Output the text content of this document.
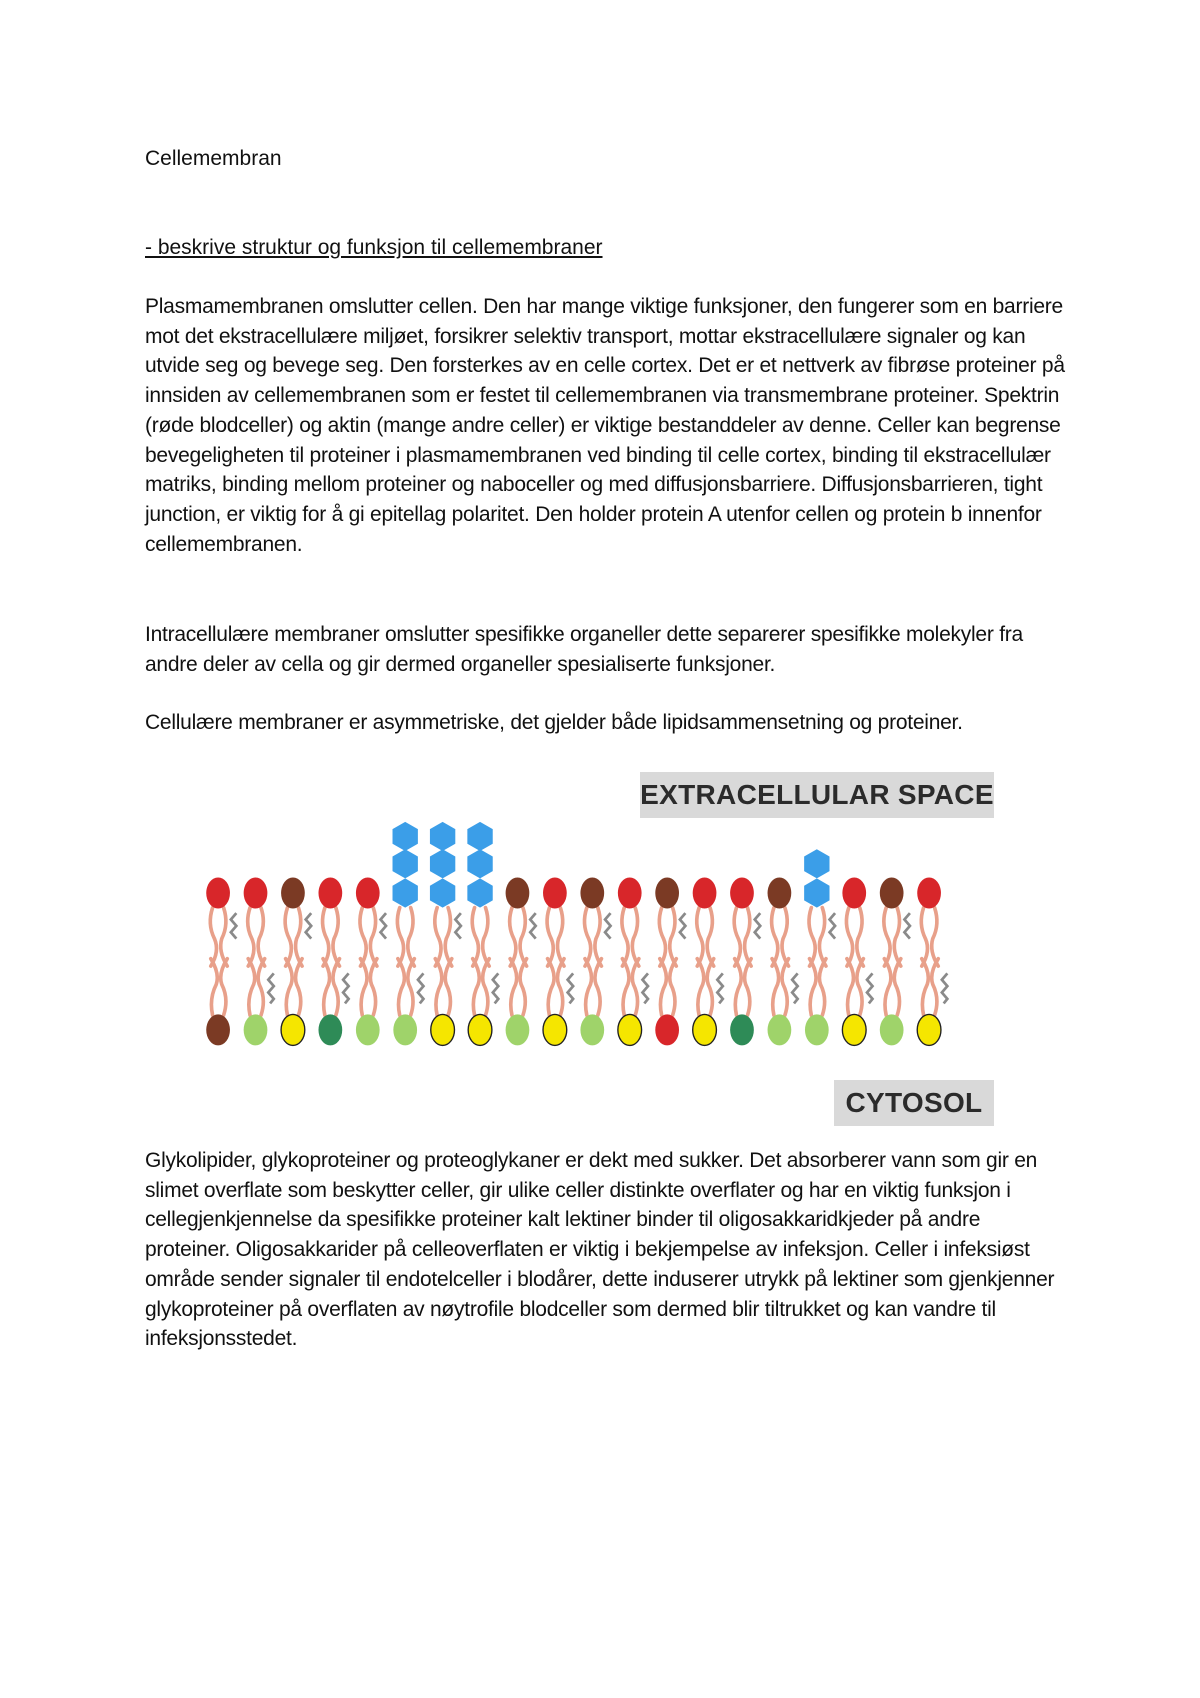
Cellemembran
- beskrive struktur og funksjon til cellemembraner

Plasmamembranen omslutter cellen. Den har mange viktige funksjoner, den fungerer som en barriere mot det ekstracellulære miljøet, forsikrer selektiv transport, mottar ekstracellulære signaler og kan utvide seg og bevege seg. Den forsterkes av en celle cortex. Det er et nettverk av fibrøse proteiner på innsiden av cellemembranen som er festet til cellemembranen via transmembrane proteiner. Spektrin (røde blodceller) og aktin (mange andre celler) er viktige bestanddeler av denne. Celler kan begrense bevegeligheten til proteiner i plasmamembranen ved binding til celle cortex, binding til ekstracellulær matriks, binding mellom proteiner og naboceller og med diffusjonsbarriere. Diffusjonsbarrieren, tight junction, er viktig for å gi epitellag polaritet. Den holder protein A utenfor cellen og protein b innenfor cellemembranen.

Intracellulære membraner omslutter spesifikke organeller dette separerer spesifikke molekyler fra andre deler av cella og gir dermed organeller spesialiserte funksjoner.

Cellulære membraner er asymmetriske, det gjelder både lipidsammensetning og proteiner.

EXTRACELLULAR SPACE
CYTOSOL

Glykolipider, glykoproteiner og proteoglykaner er dekt med sukker. Det absorberer vann som gir en slimet overflate som beskytter celler, gir ulike celler distinkte overflater og har en viktig funksjon i cellegjenkjennelse da spesifikke proteiner kalt lektiner binder til oligosakkaridkjeder på andre proteiner. Oligosakkarider på celleoverflaten er viktig i bekjempelse av infeksjon. Celler i infeksiøst område sender signaler til endotelceller i blodårer, dette induserer utrykk på lektiner som gjenkjenner glykoproteiner på overflaten av nøytrofile blodceller som dermed blir tiltrukket og kan vandre til infeksjonsstedet.
